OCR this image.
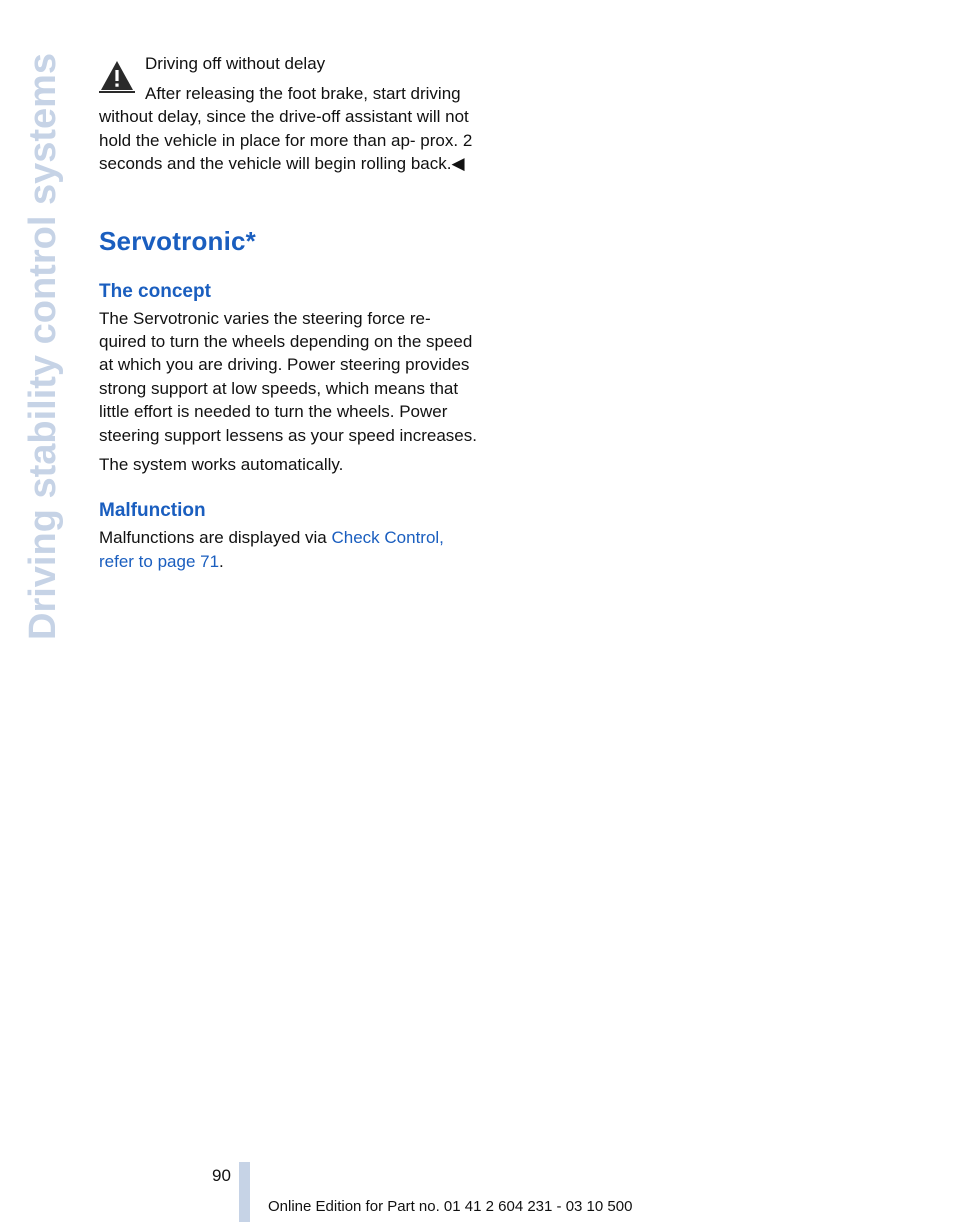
Driving stability control systems	Driving off without delay
After releasing the foot brake, start driving without delay, since the drive-off assistant will not hold the vehicle in place for more than ap- prox. 2 seconds and the vehicle will begin rolling back.◀
Servotronic*
The concept

The Servotronic varies the steering force re- quired to turn the wheels depending on the speed at which you are driving. Power steering provides strong support at low speeds, which means that little effort is needed to turn the wheels. Power steering support lessens as your speed increases.

The system works automatically.

Malfunction

Malfunctions are displayed via Check Control, refer to page 71.

90
Online Edition for Part no. 01 41 2 604 231 - 03 10 500
